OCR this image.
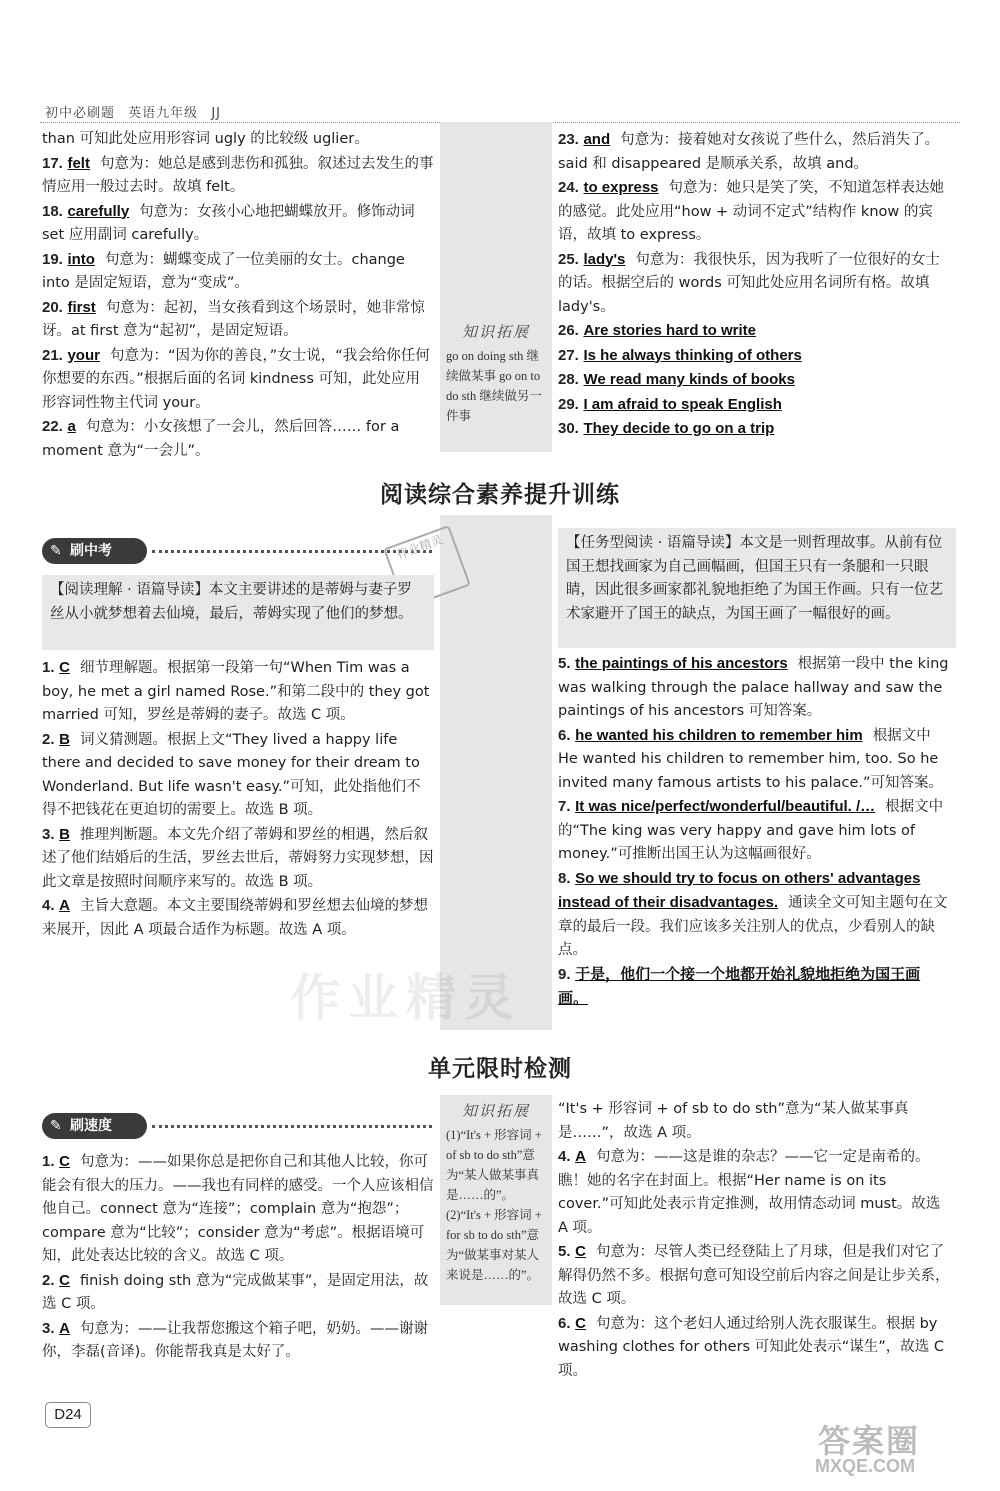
初中必刷题 英语九年级 JJ

than 可知此处应用形容词 ugly 的比较级 uglier。

17. felt 句意为：她总是感到悲伤和孤独。叙述过去发生的事情应用一般过去时。故填 felt。

18. carefully 句意为：女孩小心地把蝴蝶放开。修饰动词 set 应用副词 carefully。

19. into 句意为：蝴蝶变成了一位美丽的女士。change into 是固定短语，意为“变成”。

20. first 句意为：起初，当女孩看到这个场景时，她非常惊讶。at first 意为“起初”，是固定短语。

21. your 句意为：“因为你的善良，”女士说，“我会给你任何你想要的东西。”根据后面的名词 kindness 可知，此处应用形容词性物主代词 your。

22. a 句意为：小女孩想了一会儿，然后回答…… for a moment 意为“一会儿”。

知识拓展
go on doing sth 继续做某事 go on to do sth 继续做另一件事

23. and 句意为：接着她对女孩说了些什么，然后消失了。said 和 disappeared 是顺承关系，故填 and。

24. to express 句意为：她只是笑了笑，不知道怎样表达她的感觉。此处应用“how + 动词不定式”结构作 know 的宾语，故填 to express。

25. lady's 句意为：我很快乐，因为我听了一位很好的女士的话。根据空后的 words 可知此处应用名词所有格。故填 lady's。

26. Are stories hard to write

27. Is he always thinking of others

28. We read many kinds of books

29. I am afraid to speak English

30. They decide to go on a trip

阅读综合素养提升训练
✎ 刷中考	作业精灵
【阅读理解 · 语篇导读】本文主要讲述的是蒂姆与妻子罗丝从小就梦想着去仙境，最后，蒂姆实现了他们的梦想。

1. C 细节理解题。根据第一段第一句“When Tim was a boy, he met a girl named Rose.”和第二段中的 they got married 可知，罗丝是蒂姆的妻子。故选 C 项。

2. B 词义猜测题。根据上文“They lived a happy life there and decided to save money for their dream to Wonderland. But life wasn't easy.”可知，此处指他们不得不把钱花在更迫切的需要上。故选 B 项。

3. B 推理判断题。本文先介绍了蒂姆和罗丝的相遇，然后叙述了他们结婚后的生活，罗丝去世后，蒂姆努力实现梦想，因此文章是按照时间顺序来写的。故选 B 项。

4. A 主旨大意题。本文主要围绕蒂姆和罗丝想去仙境的梦想来展开，因此 A 项最合适作为标题。故选 A 项。

【任务型阅读 · 语篇导读】本文是一则哲理故事。从前有位国王想找画家为自己画幅画，但国王只有一条腿和一只眼睛，因此很多画家都礼貌地拒绝了为国王作画。只有一位艺术家避开了国王的缺点，为国王画了一幅很好的画。

5. the paintings of his ancestors 根据第一段中 the king was walking through the palace hallway and saw the paintings of his ancestors 可知答案。

6. he wanted his children to remember him 根据文中 He wanted his children to remember him, too. So he invited many famous artists to his palace.”可知答案。

7. It was nice/perfect/wonderful/beautiful. /… 根据文中的“The king was very happy and gave him lots of money.”可推断出国王认为这幅画很好。

8. So we should try to focus on others' advantages instead of their disadvantages. 通读全文可知主题句在文章的最后一段。我们应该多关注别人的优点，少看别人的缺点。

9. 于是，他们一个接一个地都开始礼貌地拒绝为国王画画。

作业精灵
单元限时检测
✎ 刷速度

1. C 句意为：——如果你总是把你自己和其他人比较，你可能会有很大的压力。——我也有同样的感受。一个人应该相信他自己。connect 意为“连接”；complain 意为“抱怨”；compare 意为“比较”；consider 意为“考虑”。根据语境可知，此处表达比较的含义。故选 C 项。

2. C finish doing sth 意为“完成做某事”，是固定用法，故选 C 项。

3. A 句意为：——让我帮您搬这个箱子吧，奶奶。——谢谢你，李磊(音译)。你能帮我真是太好了。

知识拓展
(1)“It's + 形容词 + of sb to do sth”意为“某人做某事真是……的”。(2)“It's + 形容词 + for sb to do sth”意为“做某事对某人来说是……的”。

“It's + 形容词 + of sb to do sth”意为“某人做某事真是……”，故选 A 项。

4. A 句意为：——这是谁的杂志？——它一定是南希的。瞧！她的名字在封面上。根据“Her name is on its cover.”可知此处表示肯定推测，故用情态动词 must。故选 A 项。

5. C 句意为：尽管人类已经登陆上了月球，但是我们对它了解得仍然不多。根据句意可知设空前后内容之间是让步关系，故选 C 项。

6. C 句意为：这个老妇人通过给别人洗衣服谋生。根据 by washing clothes for others 可知此处表示“谋生”，故选 C 项。

D24
答案圈
MXQE.COM
